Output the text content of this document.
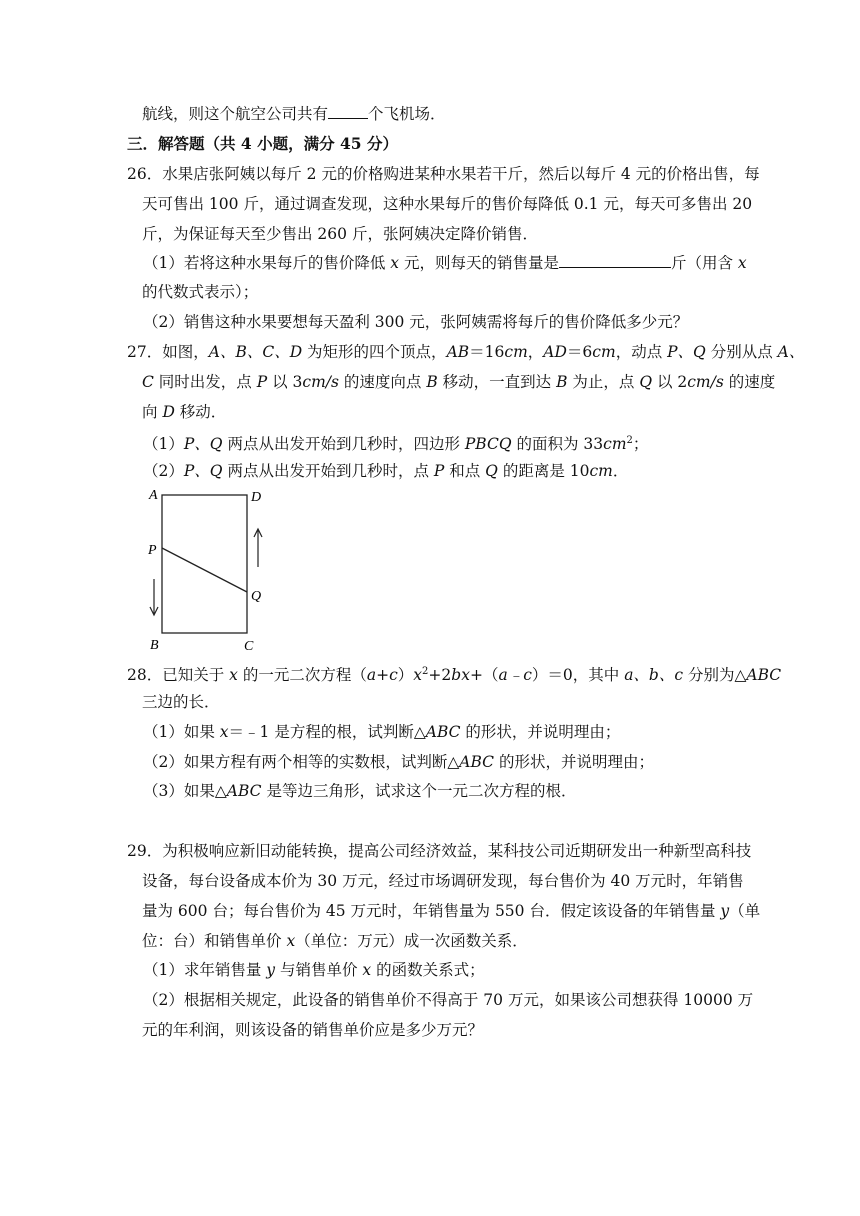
航线，则这个航空公司共有	个飞机场．
三．解答题（共 4 小题，满分 45 分）
26．水果店张阿姨以每斤 2 元的价格购进某种水果若干斤，然后以每斤 4 元的价格出售，每
天可售出 100 斤，通过调查发现，这种水果每斤的售价每降低 0.1 元，每天可多售出 20
斤，为保证每天至少售出 260 斤，张阿姨决定降价销售．
（1）若将这种水果每斤的售价降低 x 元，则每天的销售量是	斤（用含 x
的代数式表示）；
（2）销售这种水果要想每天盈利 300 元，张阿姨需将每斤的售价降低多少元？
27．如图，A、B、C、D 为矩形的四个顶点，AB＝16cm，AD＝6cm，动点 P、Q 分别从点 A、
C 同时出发，点 P 以 3cm/s 的速度向点 B 移动，一直到达 B 为止，点 Q 以 2cm/s 的速度
向 D 移动．
（1）P、Q 两点从出发开始到几秒时，四边形 PBCQ 的面积为 $33cm^2$；
（2）P、Q 两点从出发开始到几秒时，点 P 和点 Q 的距离是 10cm．
A	D
P
Q
B	C
28．已知关于 x 的一元二次方程$(a+c)x^2+2bx+(a﹣c)=0$，其中 a、b、c 分别为△ABC
三边的长．
（1）如果 x＝﹣1 是方程的根，试判断△ABC 的形状，并说明理由；
（2）如果方程有两个相等的实数根，试判断△ABC 的形状，并说明理由；
（3）如果△ABC 是等边三角形，试求这个一元二次方程的根．
29．为积极响应新旧动能转换，提高公司经济效益，某科技公司近期研发出一种新型高科技
设备，每台设备成本价为 30 万元，经过市场调研发现，每台售价为 40 万元时，年销售
量为 600 台；每台售价为 45 万元时，年销售量为 550 台．假定该设备的年销售量 y（单
位：台）和销售单价 x（单位：万元）成一次函数关系．
（1）求年销售量 y 与销售单价 x 的函数关系式；
（2）根据相关规定，此设备的销售单价不得高于 70 万元，如果该公司想获得 10000 万
元的年利润，则该设备的销售单价应是多少万元？
